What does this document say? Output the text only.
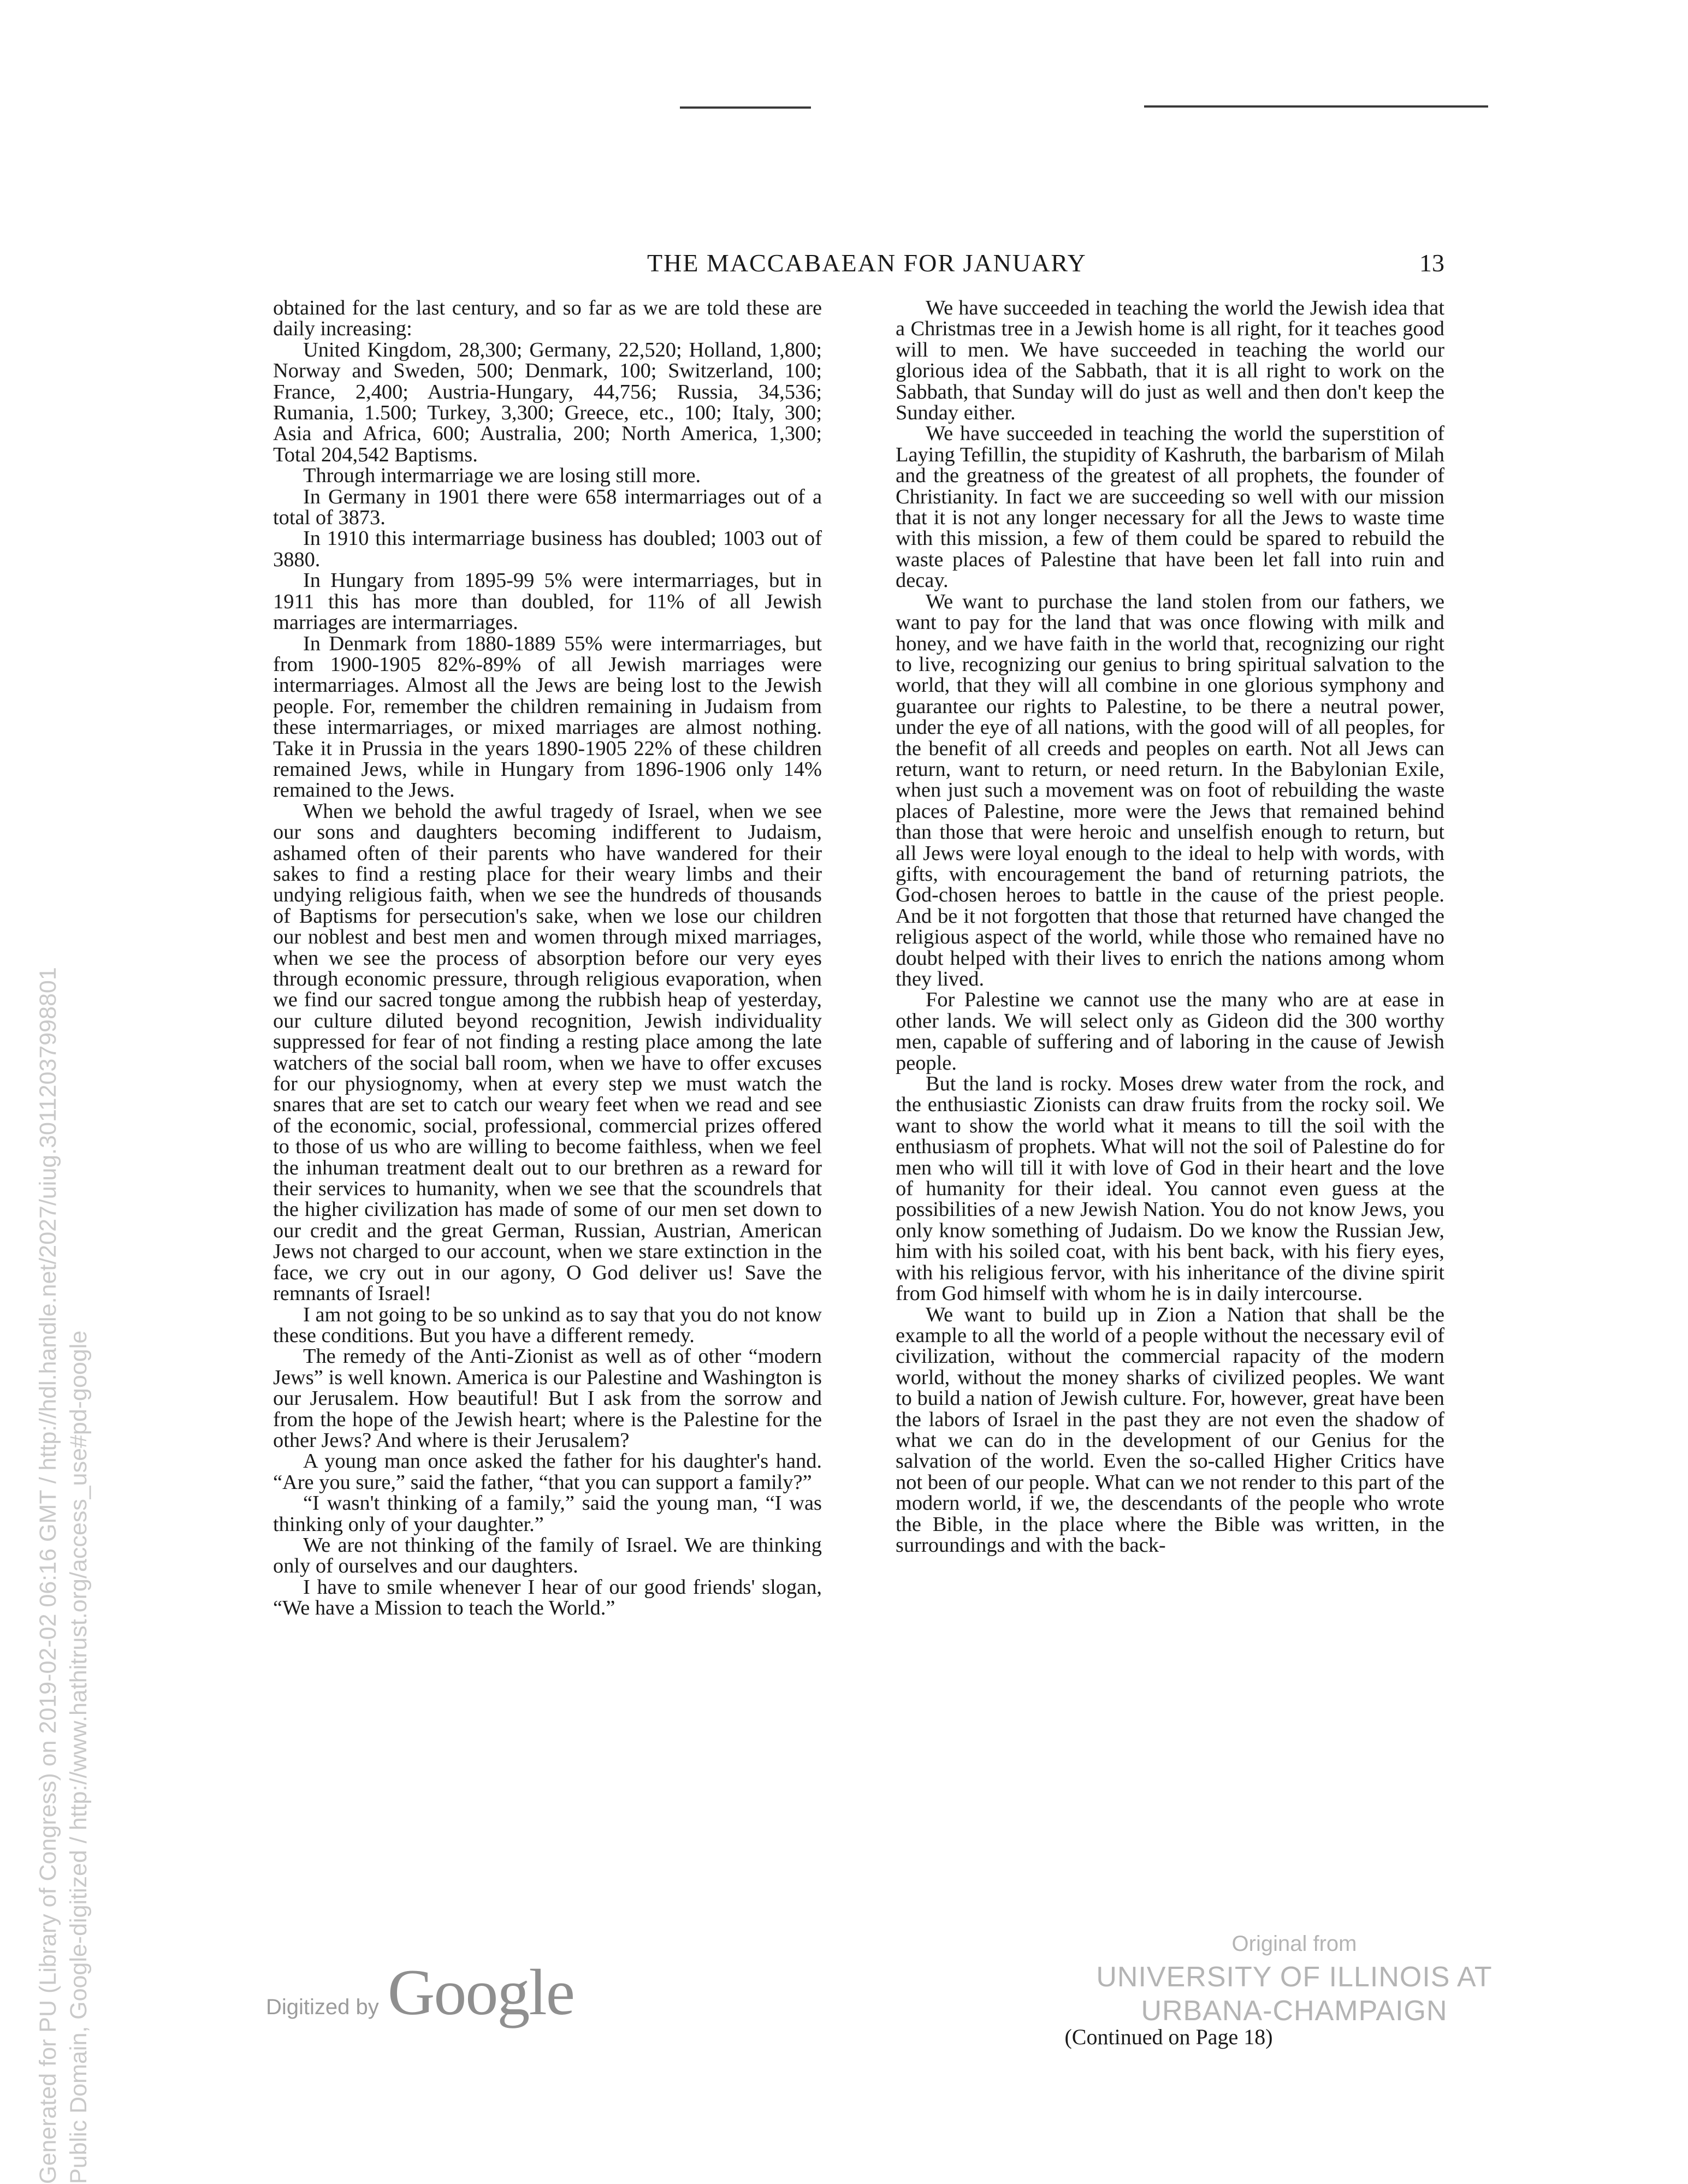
THE MACCABAEAN FOR JANUARY	13

obtained for the last century, and so far as we are told these are daily increasing:

United Kingdom, 28,300; Germany, 22,520; Holland, 1,800; Norway and Sweden, 500; Denmark, 100; Switzerland, 100; France, 2,400; Austria-Hungary, 44,756; Russia, 34,536; Rumania, 1.500; Turkey, 3,300; Greece, etc., 100; Italy, 300; Asia and Africa, 600; Australia, 200; North America, 1,300; Total 204,542 Baptisms.

Through intermarriage we are losing still more.

In Germany in 1901 there were 658 intermarriages out of a total of 3873.

In 1910 this intermarriage business has doubled; 1003 out of 3880.

In Hungary from 1895-99 5% were intermarriages, but in 1911 this has more than doubled, for 11% of all Jewish marriages are intermarriages.

In Denmark from 1880-1889 55% were intermarriages, but from 1900-1905 82%-89% of all Jewish marriages were intermarriages. Almost all the Jews are being lost to the Jewish people. For, remember the children remaining in Judaism from these intermarriages, or mixed marriages are almost nothing. Take it in Prussia in the years 1890-1905 22% of these children remained Jews, while in Hungary from 1896-1906 only 14% remained to the Jews.

When we behold the awful tragedy of Israel, when we see our sons and daughters becoming indifferent to Judaism, ashamed often of their parents who have wandered for their sakes to find a resting place for their weary limbs and their undying religious faith, when we see the hundreds of thousands of Baptisms for persecution's sake, when we lose our children our noblest and best men and women through mixed marriages, when we see the process of absorption before our very eyes through economic pressure, through religious evaporation, when we find our sacred tongue among the rubbish heap of yesterday, our culture diluted beyond recognition, Jewish individuality suppressed for fear of not finding a resting place among the late watchers of the social ball room, when we have to offer excuses for our physiognomy, when at every step we must watch the snares that are set to catch our weary feet when we read and see of the economic, social, professional, commercial prizes offered to those of us who are willing to become faithless, when we feel the inhuman treatment dealt out to our brethren as a reward for their services to humanity, when we see that the scoundrels that the higher civilization has made of some of our men set down to our credit and the great German, Russian, Austrian, American Jews not charged to our account, when we stare extinction in the face, we cry out in our agony, O God deliver us! Save the remnants of Israel!

I am not going to be so unkind as to say that you do not know these conditions. But you have a different remedy.

The remedy of the Anti-Zionist as well as of other “modern Jews” is well known. America is our Palestine and Washington is our Jerusalem. How beautiful! But I ask from the sorrow and from the hope of the Jewish heart; where is the Palestine for the other Jews? And where is their Jerusalem?

A young man once asked the father for his daughter's hand. “Are you sure,” said the father, “that you can support a family?”

“I wasn't thinking of a family,” said the young man, “I was thinking only of your daughter.”

We are not thinking of the family of Israel. We are thinking only of ourselves and our daughters.

I have to smile whenever I hear of our good friends' slogan, “We have a Mission to teach the World.”

We have succeeded in teaching the world the Jewish idea that a Christmas tree in a Jewish home is all right, for it teaches good will to men. We have succeeded in teaching the world our glorious idea of the Sabbath, that it is all right to work on the Sabbath, that Sunday will do just as well and then don't keep the Sunday either.

We have succeeded in teaching the world the superstition of Laying Tefillin, the stupidity of Kashruth, the barbarism of Milah and the greatness of the greatest of all prophets, the founder of Christianity. In fact we are succeeding so well with our mission that it is not any longer necessary for all the Jews to waste time with this mission, a few of them could be spared to rebuild the waste places of Palestine that have been let fall into ruin and decay.

We want to purchase the land stolen from our fathers, we want to pay for the land that was once flowing with milk and honey, and we have faith in the world that, recognizing our right to live, recognizing our genius to bring spiritual salvation to the world, that they will all combine in one glorious symphony and guarantee our rights to Palestine, to be there a neutral power, under the eye of all nations, with the good will of all peoples, for the benefit of all creeds and peoples on earth. Not all Jews can return, want to return, or need return. In the Babylonian Exile, when just such a movement was on foot of rebuilding the waste places of Palestine, more were the Jews that remained behind than those that were heroic and unselfish enough to return, but all Jews were loyal enough to the ideal to help with words, with gifts, with encouragement the band of returning patriots, the God-chosen heroes to battle in the cause of the priest people. And be it not forgotten that those that returned have changed the religious aspect of the world, while those who remained have no doubt helped with their lives to enrich the nations among whom they lived.

For Palestine we cannot use the many who are at ease in other lands. We will select only as Gideon did the 300 worthy men, capable of suffering and of laboring in the cause of Jewish people.

But the land is rocky. Moses drew water from the rock, and the enthusiastic Zionists can draw fruits from the rocky soil. We want to show the world what it means to till the soil with the enthusiasm of prophets. What will not the soil of Palestine do for men who will till it with love of God in their heart and the love of humanity for their ideal. You cannot even guess at the possibilities of a new Jewish Nation. You do not know Jews, you only know something of Judaism. Do we know the Russian Jew, him with his soiled coat, with his bent back, with his fiery eyes, with his religious fervor, with his inheritance of the divine spirit from God himself with whom he is in daily intercourse.

We want to build up in Zion a Nation that shall be the example to all the world of a people without the necessary evil of civilization, without the commercial rapacity of the modern world, without the money sharks of civilized peoples. We want to build a nation of Jewish culture. For, however, great have been the labors of Israel in the past they are not even the shadow of what we can do in the development of our Genius for the salvation of the world. Even the so-called Higher Critics have not been of our people. What can we not render to this part of the modern world, if we, the descendants of the people who wrote the Bible, in the place where the Bible was written, in the surroundings and with the back-

(Continued on Page 18)
Generated for PU (Library of Congress) on 2019-02-02 06:16 GMT / http://hdl.handle.net/2027/uiug.30112037998801 Public Domain, Google-digitized / http://www.hathitrust.org/access_use#pd-google	Digitized by Google
Original from
UNIVERSITY OF ILLINOIS AT
URBANA-CHAMPAIGN
